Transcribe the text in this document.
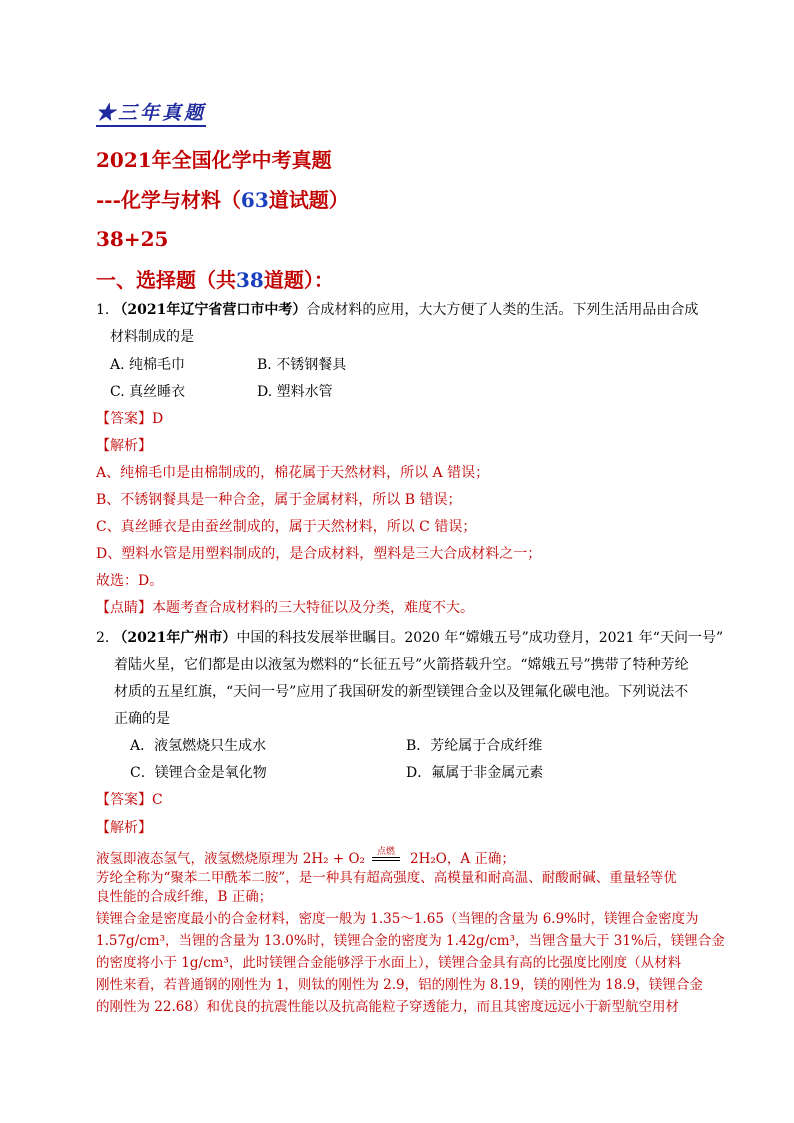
★三年真题
2021年全国化学中考真题
---化学与材料（63道试题）
38+25
一、选择题（共38道题）：
1. （2021年辽宁省营口市中考）合成材料的应用，大大方便了人类的生活。下列生活用品由合成
材料制成的是
A. 纯棉毛巾	B. 不锈钢餐具
C. 真丝睡衣	D. 塑料水管
【答案】D
【解析】
A、纯棉毛巾是由棉制成的，棉花属于天然材料，所以 A 错误；
B、不锈钢餐具是一种合金，属于金属材料，所以 B 错误；
C、真丝睡衣是由蚕丝制成的，属于天然材料，所以 C 错误；
D、塑料水管是用塑料制成的，是合成材料，塑料是三大合成材料之一；
故选：D。
【点睛】本题考查合成材料的三大特征以及分类，难度不大。
2. （2021年广州市）中国的科技发展举世瞩目。2020 年“嫦娥五号”成功登月，2021 年“天问一号”
着陆火星，它们都是由以液氢为燃料的“长征五号”火箭搭载升空。“嫦娥五号”携带了特种芳纶
材质的五星红旗，“天问一号”应用了我国研发的新型镁锂合金以及锂氟化碳电池。下列说法不
正确的是
A．液氢燃烧只生成水	B．芳纶属于合成纤维
C．镁锂合金是氧化物	D．氟属于非金属元素
【答案】C
【解析】
液氢即液态氢气，液氢燃烧原理为 2H₂ + O₂	点燃	2H₂O，A 正确；
芳纶全称为“聚苯二甲酰苯二胺”，是一种具有超高强度、高模量和耐高温、耐酸耐碱、重量轻等优
良性能的合成纤维，B 正确；
镁锂合金是密度最小的合金材料，密度一般为 1.35～1.65（当锂的含量为 6.9%时，镁锂合金密度为
1.57g/cm³，当锂的含量为 13.0%时，镁锂合金的密度为 1.42g/cm³，当锂含量大于 31%后，镁锂合金
的密度将小于 1g/cm³，此时镁锂合金能够浮于水面上），镁锂合金具有高的比强度比刚度（从材料
刚性来看，若普通钢的刚性为 1，则钛的刚性为 2.9，铝的刚性为 8.19，镁的刚性为 18.9，镁锂合金
的刚性为 22.68）和优良的抗震性能以及抗高能粒子穿透能力，而且其密度远远小于新型航空用材
